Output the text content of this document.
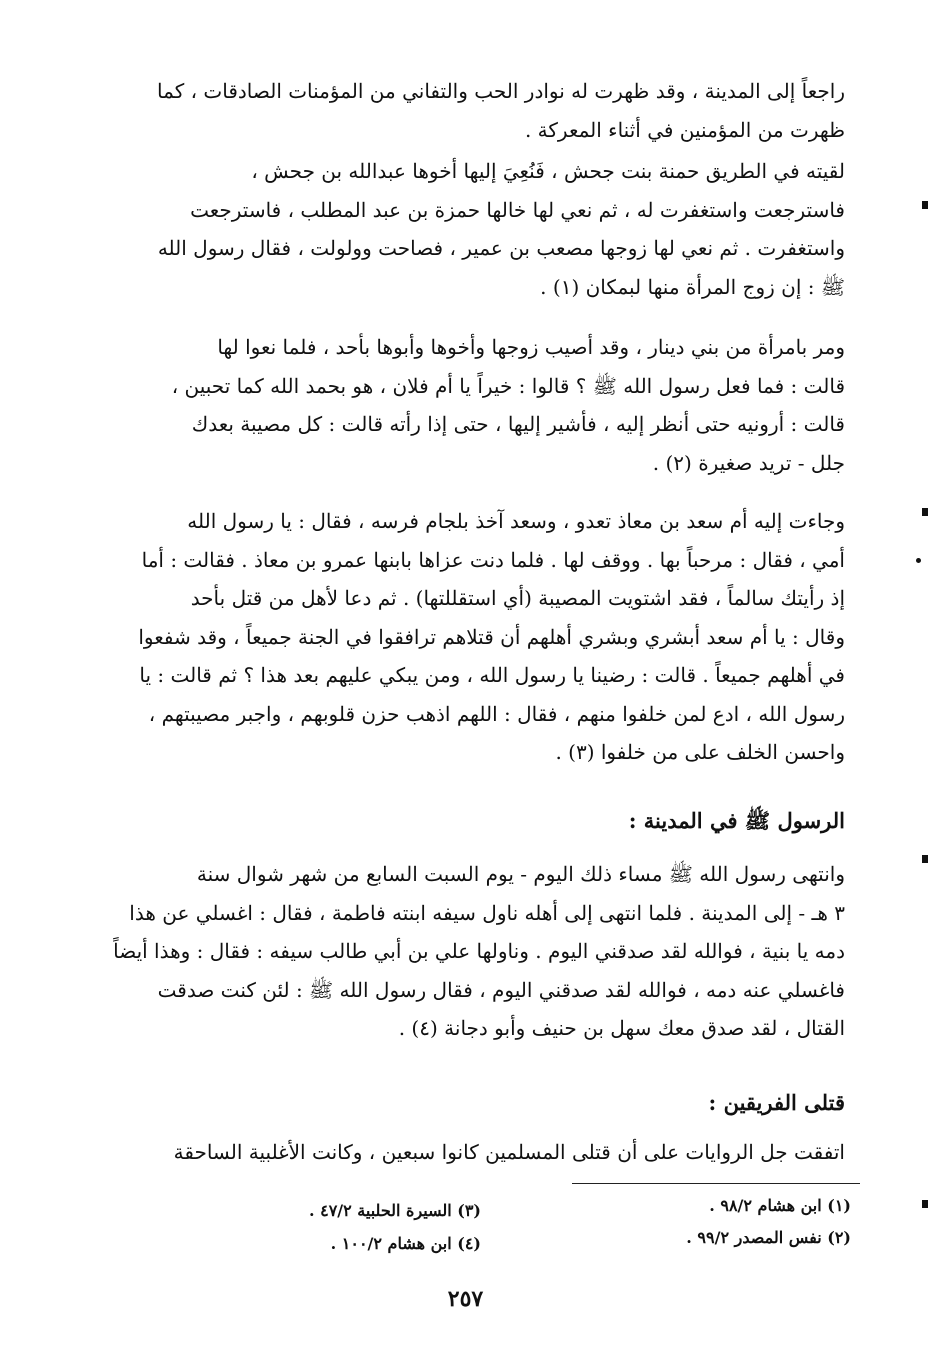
راجعاً إلى المدينة ، وقد ظهرت له نوادر الحب والتفاني من المؤمنات الصادقات ، كما
ظهرت من المؤمنين في أثناء المعركة .
لقيته في الطريق حمنة بنت جحش ، فَنُعِيَ إليها أخوها عبدالله بن جحش ،
فاسترجعت واستغفرت له ، ثم نعي لها خالها حمزة بن عبد المطلب ، فاسترجعت
واستغفرت . ثم نعي لها زوجها مصعب بن عمير ، فصاحت وولولت ، فقال رسول الله
ﷺ : إن زوج المرأة منها لبمكان (١) .
ومر بامرأة من بني دينار ، وقد أصيب زوجها وأخوها وأبوها بأحد ، فلما نعوا لها
قالت : فما فعل رسول الله ﷺ ؟ قالوا : خيراً يا أم فلان ، هو بحمد الله كما تحبين ،
قالت : أرونيه حتى أنظر إليه ، فأشير إليها ، حتى إذا رأته قالت : كل مصيبة بعدك
جلل - تريد صغيرة (٢) .
وجاءت إليه أم سعد بن معاذ تعدو ، وسعد آخذ بلجام فرسه ، فقال : يا رسول الله
أمي ، فقال : مرحباً بها . ووقف لها . فلما دنت عزاها بابنها عمرو بن معاذ . فقالت : أما
إذ رأيتك سالماً ، فقد اشتويت المصيبة (أي استقللتها) . ثم دعا لأهل من قتل بأحد
وقال : يا أم سعد أبشري وبشري أهلهم أن قتلاهم ترافقوا في الجنة جميعاً ، وقد شفعوا
في أهلهم جميعاً . قالت : رضينا يا رسول الله ، ومن يبكي عليهم بعد هذا ؟ ثم قالت : يا
رسول الله ، ادع لمن خلفوا منهم ، فقال : اللهم اذهب حزن قلوبهم ، واجبر مصيبتهم ،
واحسن الخلف على من خلفوا (٣) .
الرسول ﷺ في المدينة :
وانتهى رسول الله ﷺ مساء ذلك اليوم - يوم السبت السابع من شهر شوال سنة
٣ هـ - إلى المدينة . فلما انتهى إلى أهله ناول سيفه ابنته فاطمة ، فقال : اغسلي عن هذا
دمه يا بنية ، فوالله لقد صدقني اليوم . وناولها علي بن أبي طالب سيفه : فقال : وهذا أيضاً
فاغسلي عنه دمه ، فوالله لقد صدقني اليوم ، فقال رسول الله ﷺ : لئن كنت صدقت
القتال ، لقد صدق معك سهل بن حنيف وأبو دجانة (٤) .
قتلى الفريقين :
اتفقت جل الروايات على أن قتلى المسلمين كانوا سبعين ، وكانت الأغلبية الساحقة
(١) ابن هشام ٩٨/٢ .
(٢) نفس المصدر ٩٩/٢ .
(٣) السيرة الحلبية ٤٧/٢ .
(٤) ابن هشام ١٠٠/٢ .
٢٥٧
